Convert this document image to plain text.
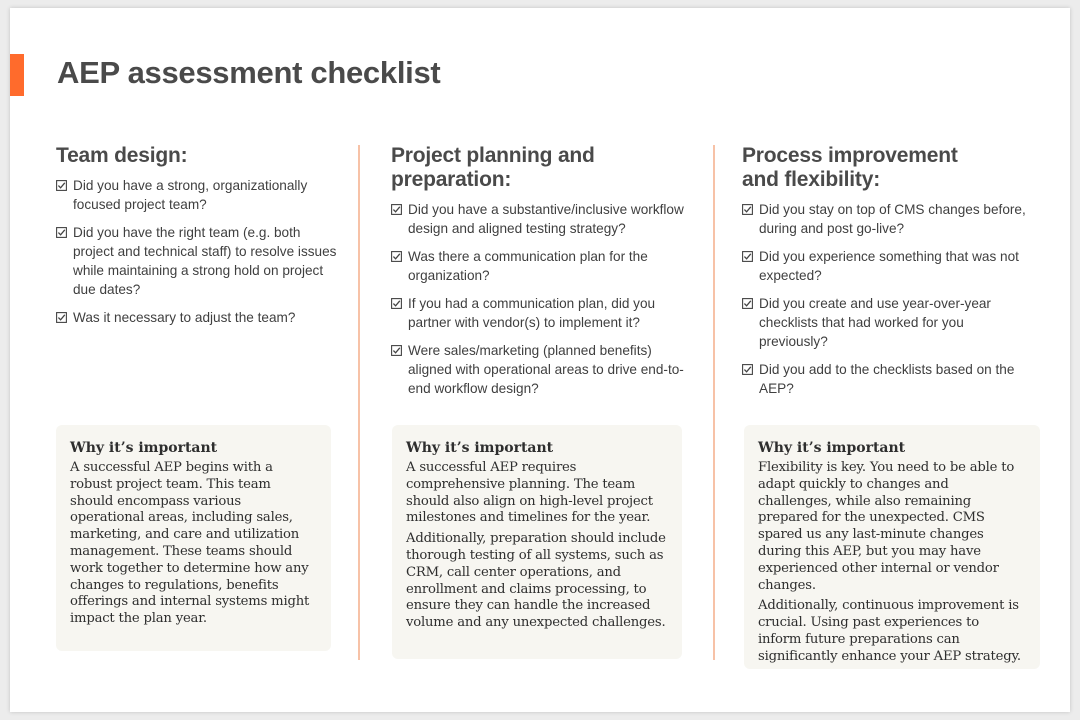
AEP assessment checklist
Team design:
Did you have a strong, organizationally focused project team?
Did you have the right team (e.g. both project and technical staff) to resolve issues while maintaining a strong hold on project due dates?
Was it necessary to adjust the team?
Project planning and preparation:
Did you have a substantive/inclusive workflow design and aligned testing strategy?
Was there a communication plan for the organization?
If you had a communication plan, did you partner with vendor(s) to implement it?
Were sales/marketing (planned benefits) aligned with operational areas to drive end-to-end workflow design?
Process improvement and flexibility:
Did you stay on top of CMS changes before, during and post go-live?
Did you experience something that was not expected?
Did you create and use year-over-year checklists that had worked for you previously?
Did you add to the checklists based on the AEP?
Why it’s important

A successful AEP begins with a robust project team. This team should encompass various operational areas, including sales, marketing, and care and utilization management. These teams should work together to determine how any changes to regulations, benefits offerings and internal systems might impact the plan year.

Why it’s important

A successful AEP requires comprehensive planning. The team should also align on high-level project milestones and timelines for the year.

Additionally, preparation should include thorough testing of all systems, such as CRM, call center operations, and enrollment and claims processing, to ensure they can handle the increased volume and any unexpected challenges.

Why it’s important

Flexibility is key. You need to be able to adapt quickly to changes and challenges, while also remaining prepared for the unexpected. CMS spared us any last-minute changes during this AEP, but you may have experienced other internal or vendor changes.

Additionally, continuous improvement is crucial. Using past experiences to inform future preparations can significantly enhance your AEP strategy.
